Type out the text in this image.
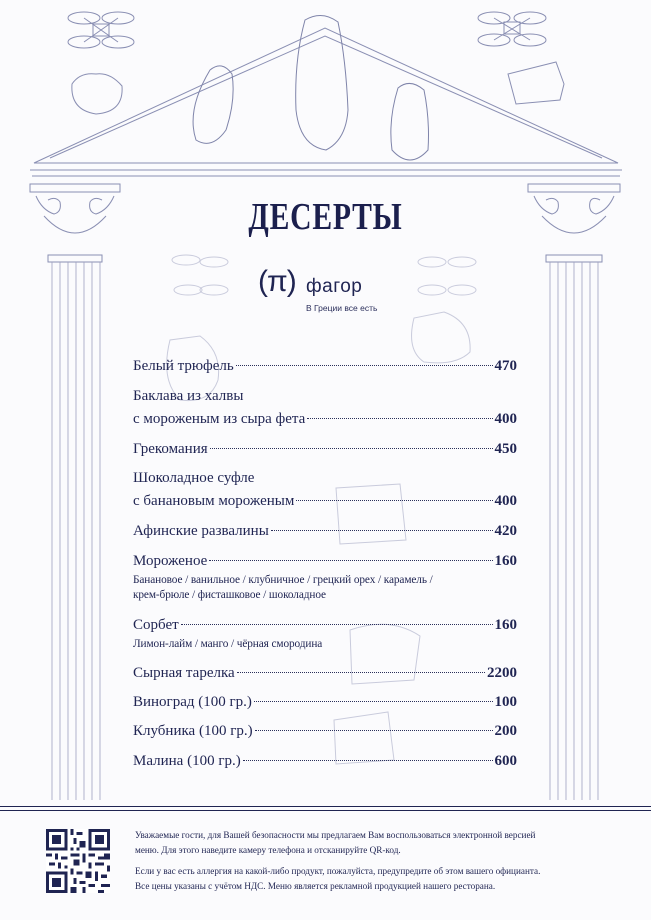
ДЕСЕРТЫ
(π) фагор
В Греции все есть
Белый трюфель	470
Баклава из халвы
с мороженым из сыра фета	400
Грекомания	450
Шоколадное суфле
с банановым мороженым	400
Афинские развалины	420
Мороженое	160
Банановое / ванильное / клубничное / грецкий орех / карамель /
крем-брюле / фисташковое / шоколадное
Сорбет	160
Лимон-лайм / манго / чёрная смородина
Сырная тарелка	2200
Виноград (100 гр.)	100
Клубника (100 гр.)	200
Малина (100 гр.)	600
Уважаемые гости, для Вашей безопасности мы предлагаем Вам воспользоваться электронной версией
меню. Для этого наведите камеру телефона и отсканируйте QR-код.
Если у вас есть аллергия на какой-либо продукт, пожалуйста, предупредите об этом вашего официанта.
Все цены указаны с учётом НДС. Меню является рекламной продукцией нашего ресторана.
